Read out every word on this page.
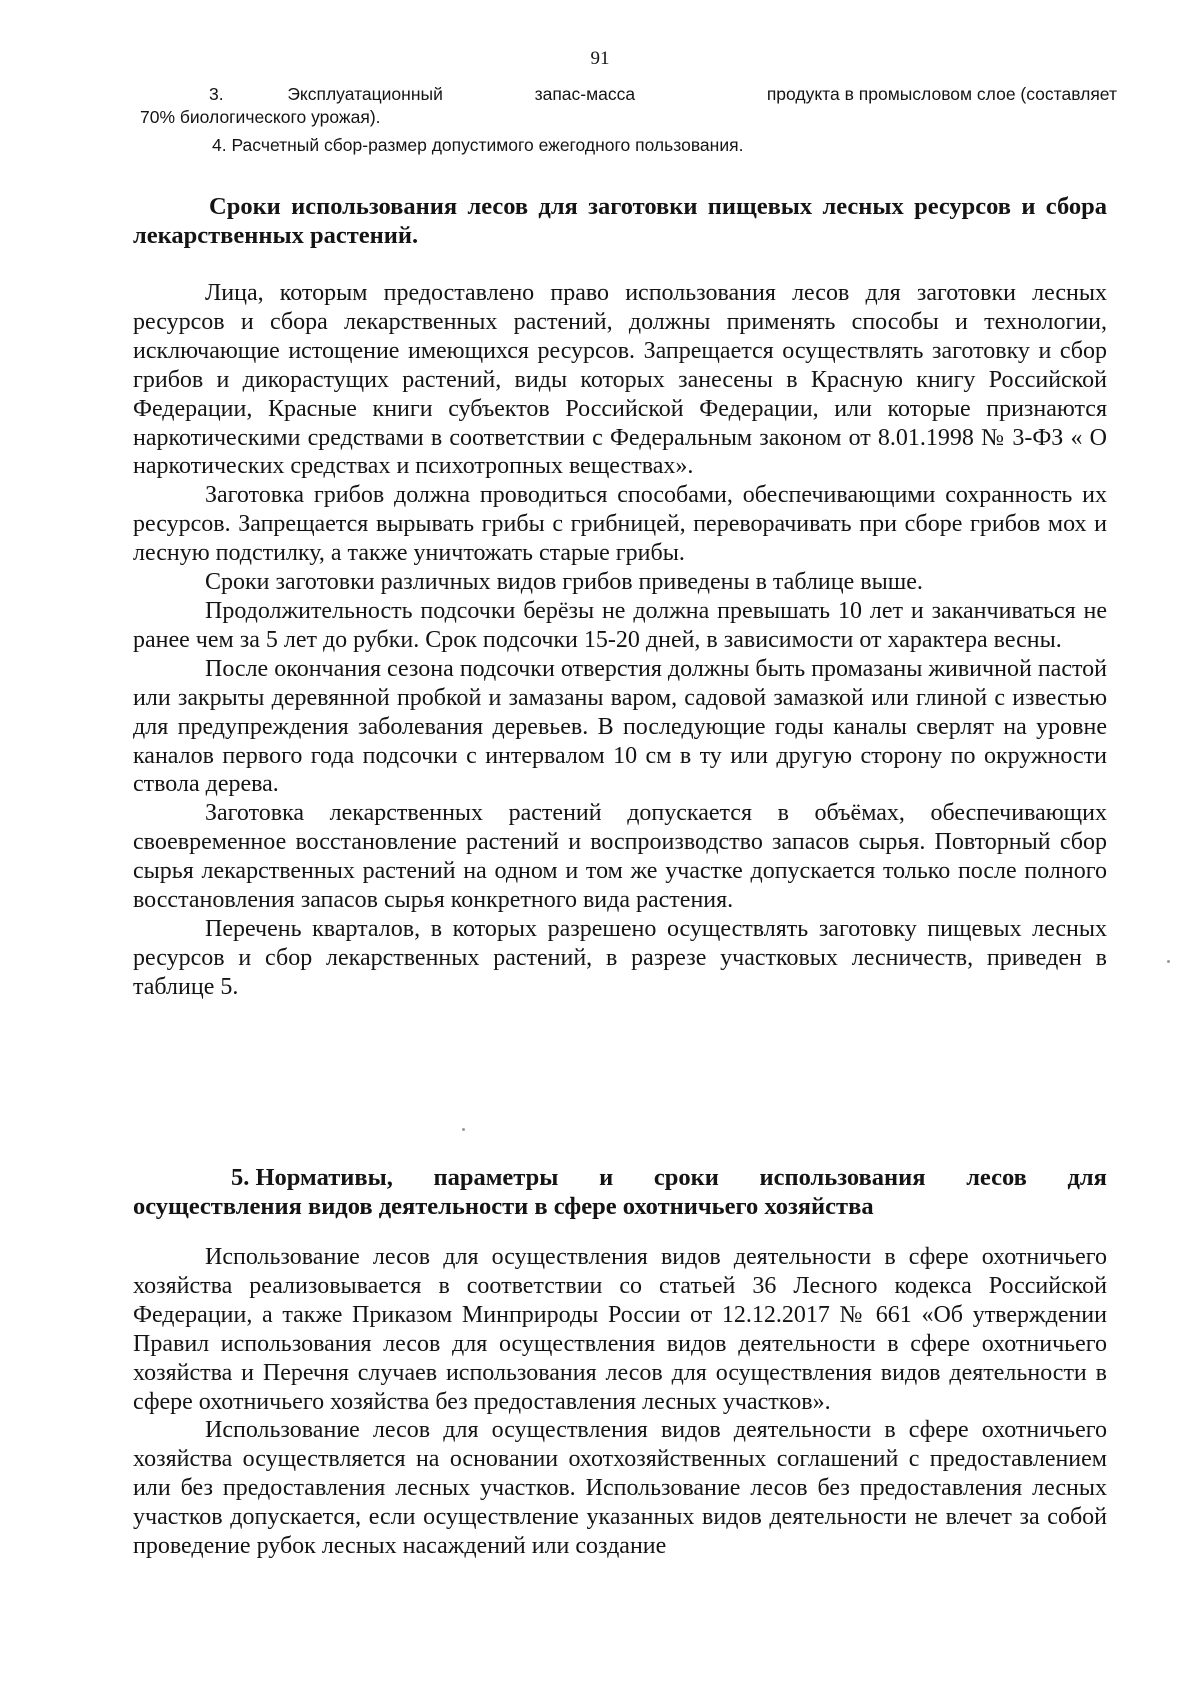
91
3.	Эксплуатационный	запас-масса	продукта в промысловом слое (составляет
70% биологического урожая).
4. Расчетный сбор-размер допустимого ежегодного пользования.
Сроки использования лесов для заготовки пищевых лесных ресурсов и сбора лекарственных растений.

Лица, которым предоставлено право использования лесов для заготовки лесных ресурсов и сбора лекарственных растений, должны применять способы и технологии, исключающие истощение имеющихся ресурсов. Запрещается осуществлять заготовку и сбор грибов и дикорастущих растений, виды которых занесены в Красную книгу Российской Федерации, Красные книги субъектов Российской Федерации, или которые признаются наркотическими средствами в соответствии с Федеральным законом от 8.01.1998 № 3-ФЗ « О наркотических средствах и психотропных веществах».

Заготовка грибов должна проводиться способами, обеспечивающими сохранность их ресурсов. Запрещается вырывать грибы с грибницей, переворачивать при сборе грибов мох и лесную подстилку, а также уничтожать старые грибы.

Сроки заготовки различных видов грибов приведены в таблице выше.

Продолжительность подсочки берёзы не должна превышать 10 лет и заканчиваться не ранее чем за 5 лет до рубки. Срок подсочки 15-20 дней, в зависимости от характера весны.

После окончания сезона подсочки отверстия должны быть промазаны живичной пастой или закрыты деревянной пробкой и замазаны варом, садовой замазкой или глиной с известью для предупреждения заболевания деревьев. В последующие годы каналы сверлят на уровне каналов первого года подсочки с интервалом 10 см в ту или другую сторону по окружности ствола дерева.

Заготовка лекарственных растений допускается в объёмах, обеспечивающих своевременное восстановление растений и воспроизводство запасов сырья. Повторный сбор сырья лекарственных растений на одном и том же участке допускается только после полного восстановления запасов сырья конкретного вида растения.

Перечень кварталов, в которых разрешено осуществлять заготовку пищевых лесных ресурсов и сбор лекарственных растений, в разрезе участковых лесничеств, приведен в таблице 5.

5. Нормативы, параметры и сроки использования лесов для
осуществления видов деятельности в сфере охотничьего хозяйства

Использование лесов для осуществления видов деятельности в сфере охотничьего хозяйства реализовывается в соответствии со статьей 36 Лесного кодекса Российской Федерации, а также Приказом Минприроды России от 12.12.2017 № 661 «Об утверждении Правил использования лесов для осуществления видов деятельности в сфере охотничьего хозяйства и Перечня случаев использования лесов для осуществления видов деятельности в сфере охотничьего хозяйства без предоставления лесных участков».

Использование лесов для осуществления видов деятельности в сфере охотничьего хозяйства осуществляется на основании охотхозяйственных соглашений с предоставлением или без предоставления лесных участков. Использование лесов без предоставления лесных участков допускается, если осуществление указанных видов деятельности не влечет за собой проведение рубок лесных насаждений или создание
